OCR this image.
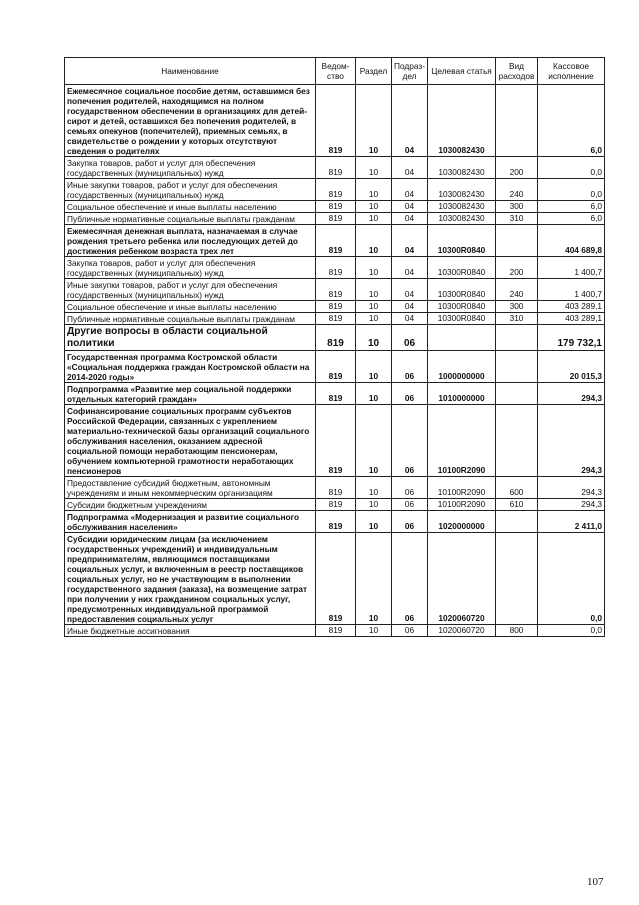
Наименование	Ведом-ство	Раздел	Подраз-дел	Целевая статья	Вид расходов	Кассовое исполнение
Ежемесячное социальное пособие детям, оставшимся без попечения родителей, находящимся на полном государственном обеспечении в организациях для детей-сирот и детей, оставшихся без попечения родителей, в семьях опекунов (попечителей), приемных семьях, в свидетельстве о рождении у которых отсутствуют сведения о родителях	819	10	04	1030082430		6,0
Закупка товаров, работ и услуг для обеспечения государственных (муниципальных) нужд	819	10	04	1030082430	200	0,0
Иные закупки товаров, работ и услуг для обеспечения государственных (муниципальных) нужд	819	10	04	1030082430	240	0,0
Социальное обеспечение и иные выплаты населению	819	10	04	1030082430	300	6,0
Публичные нормативные социальные выплаты гражданам	819	10	04	1030082430	310	6,0
Ежемесячная денежная выплата, назначаемая в случае рождения третьего ребенка или последующих детей до достижения ребенком возраста трех лет	819	10	04	10300R0840		404 689,8
Закупка товаров, работ и услуг для обеспечения государственных (муниципальных) нужд	819	10	04	10300R0840	200	1 400,7
Иные закупки товаров, работ и услуг для обеспечения государственных (муниципальных) нужд	819	10	04	10300R0840	240	1 400,7
Социальное обеспечение и иные выплаты населению	819	10	04	10300R0840	300	403 289,1
Публичные нормативные социальные выплаты гражданам	819	10	04	10300R0840	310	403 289,1
Другие вопросы в области социальной политики	819	10	06			179 732,1
Государственная программа Костромской области «Социальная поддержка граждан Костромской области на 2014-2020 годы»	819	10	06	1000000000		20 015,3
Подпрограмма «Развитие мер социальной поддержки отдельных категорий граждан»	819	10	06	1010000000		294,3
Софинансирование социальных программ субъектов Российской Федерации, связанных с укреплением материально-технической базы организаций социального обслуживания населения, оказанием адресной социальной помощи неработающим пенсионерам, обучением компьютерной грамотности неработающих пенсионеров	819	10	06	10100R2090		294,3
Предоставление субсидий бюджетным, автономным учреждениям и иным некоммерческим организациям	819	10	06	10100R2090	600	294,3
Субсидии бюджетным учреждениям	819	10	06	10100R2090	610	294,3
Подпрограмма «Модернизация и развитие социального обслуживания населения»	819	10	06	1020000000		2 411,0
Субсидии юридическим лицам (за исключением государственных учреждений) и индивидуальным предпринимателям, являющимся поставщиками социальных услуг, и включенным в реестр поставщиков социальных услуг, но не участвующим в выполнении государственного задания (заказа), на возмещение затрат при получении у них гражданином социальных услуг, предусмотренных индивидуальной программой предоставления социальных услуг	819	10	06	1020060720		0,0
Иные бюджетные ассигнования	819	10	06	1020060720	800	0,0
107
